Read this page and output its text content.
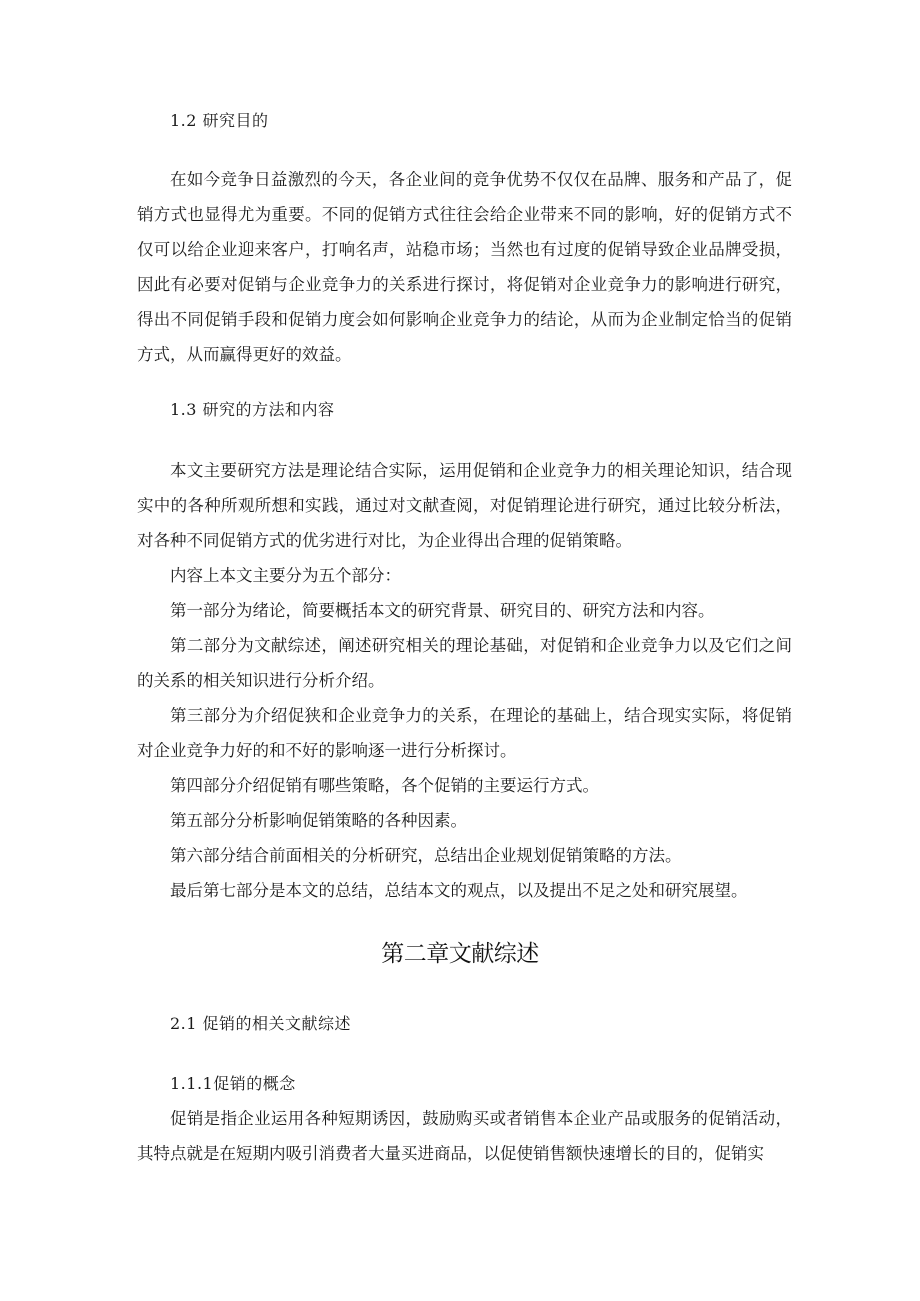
1.2 研究目的

在如今竞争日益激烈的今天，各企业间的竞争优势不仅仅在品牌、服务和产品了，促销方式也显得尤为重要。不同的促销方式往往会给企业带来不同的影响，好的促销方式不仅可以给企业迎来客户，打响名声，站稳市场；当然也有过度的促销导致企业品牌受损，因此有必要对促销与企业竞争力的关系进行探讨，将促销对企业竞争力的影响进行研究，得出不同促销手段和促销力度会如何影响企业竞争力的结论，从而为企业制定恰当的促销方式，从而赢得更好的效益。

1.3 研究的方法和内容

本文主要研究方法是理论结合实际，运用促销和企业竞争力的相关理论知识，结合现实中的各种所观所想和实践，通过对文献查阅，对促销理论进行研究，通过比较分析法，对各种不同促销方式的优劣进行对比，为企业得出合理的促销策略。

内容上本文主要分为五个部分：

第一部分为绪论，简要概括本文的研究背景、研究目的、研究方法和内容。

第二部分为文献综述，阐述研究相关的理论基础，对促销和企业竞争力以及它们之间的关系的相关知识进行分析介绍。

第三部分为介绍促狭和企业竞争力的关系，在理论的基础上，结合现实实际，将促销对企业竞争力好的和不好的影响逐一进行分析探讨。

第四部分介绍促销有哪些策略，各个促销的主要运行方式。

第五部分分析影响促销策略的各种因素。

第六部分结合前面相关的分析研究，总结出企业规划促销策略的方法。

最后第七部分是本文的总结，总结本文的观点，以及提出不足之处和研究展望。

第二章文献综述
2.1 促销的相关文献综述
1.1.1促销的概念

促销是指企业运用各种短期诱因，鼓励购买或者销售本企业产品或服务的促销活动，其特点就是在短期内吸引消费者大量买进商品，以促使销售额快速增长的目的，促销实
